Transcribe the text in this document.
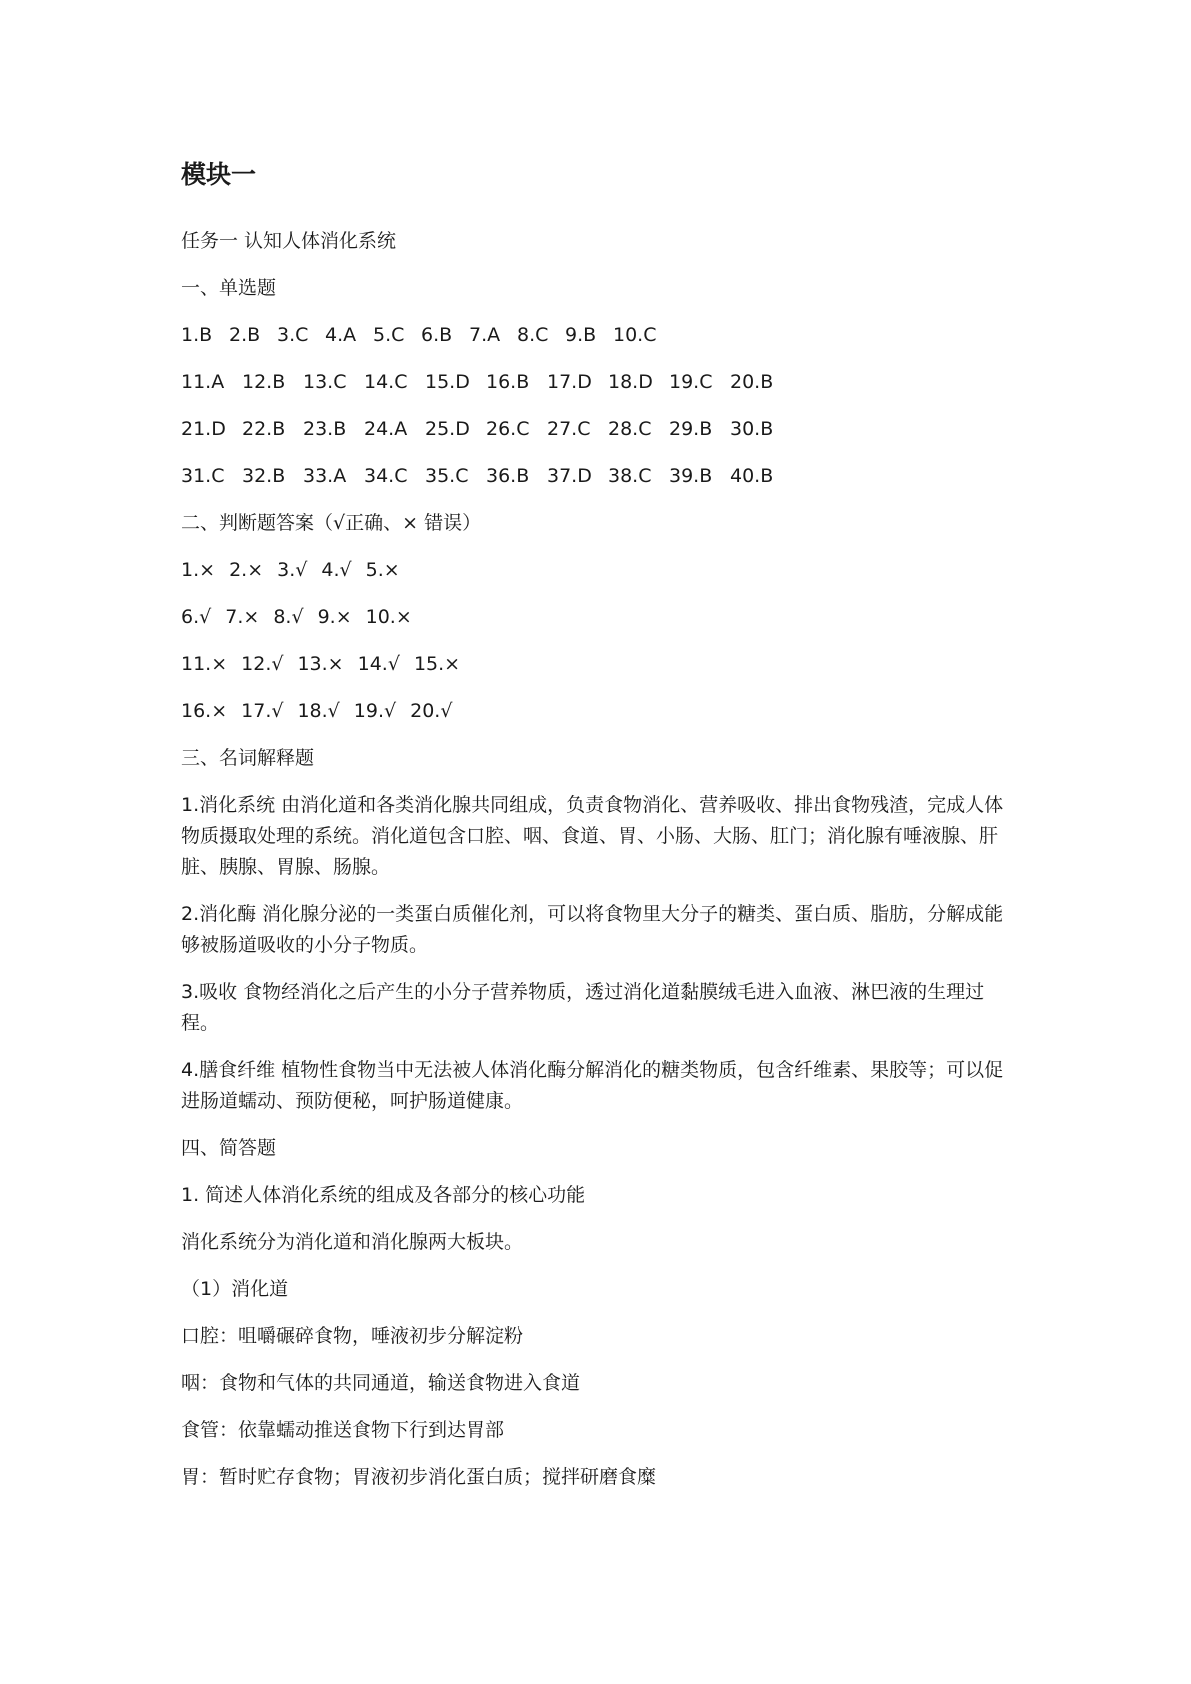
模块一
任务一 认知人体消化系统
一、单选题
1.B 2.B 3.C 4.A 5.C 6.B 7.A 8.C 9.B 10.C
11.A 12.B 13.C 14.C 15.D 16.B 17.D 18.D 19.C 20.B
21.D 22.B 23.B 24.A 25.D 26.C 27.C 28.C 29.B 30.B
31.C 32.B 33.A 34.C 35.C 36.B 37.D 38.C 39.B 40.B
二、判断题答案（√正确、× 错误）
1.× 2.× 3.√ 4.√ 5.×
6.√ 7.× 8.√ 9.× 10.×
11.× 12.√ 13.× 14.√ 15.×
16.× 17.√ 18.√ 19.√ 20.√
三、名词解释题
1.消化系统 由消化道和各类消化腺共同组成，负责食物消化、营养吸收、排出食物残渣，完成人体物质摄取处理的系统。消化道包含口腔、咽、食道、胃、小肠、大肠、肛门；消化腺有唾液腺、肝脏、胰腺、胃腺、肠腺。
2.消化酶 消化腺分泌的一类蛋白质催化剂，可以将食物里大分子的糖类、蛋白质、脂肪，分解成能够被肠道吸收的小分子物质。
3.吸收 食物经消化之后产生的小分子营养物质，透过消化道黏膜绒毛进入血液、淋巴液的生理过程。
4.膳食纤维 植物性食物当中无法被人体消化酶分解消化的糖类物质，包含纤维素、果胶等；可以促进肠道蠕动、预防便秘，呵护肠道健康。
四、简答题
1. 简述人体消化系统的组成及各部分的核心功能
消化系统分为消化道和消化腺两大板块。
（1）消化道
口腔：咀嚼碾碎食物，唾液初步分解淀粉
咽：食物和气体的共同通道，输送食物进入食道
食管：依靠蠕动推送食物下行到达胃部
胃：暂时贮存食物；胃液初步消化蛋白质；搅拌研磨食糜
